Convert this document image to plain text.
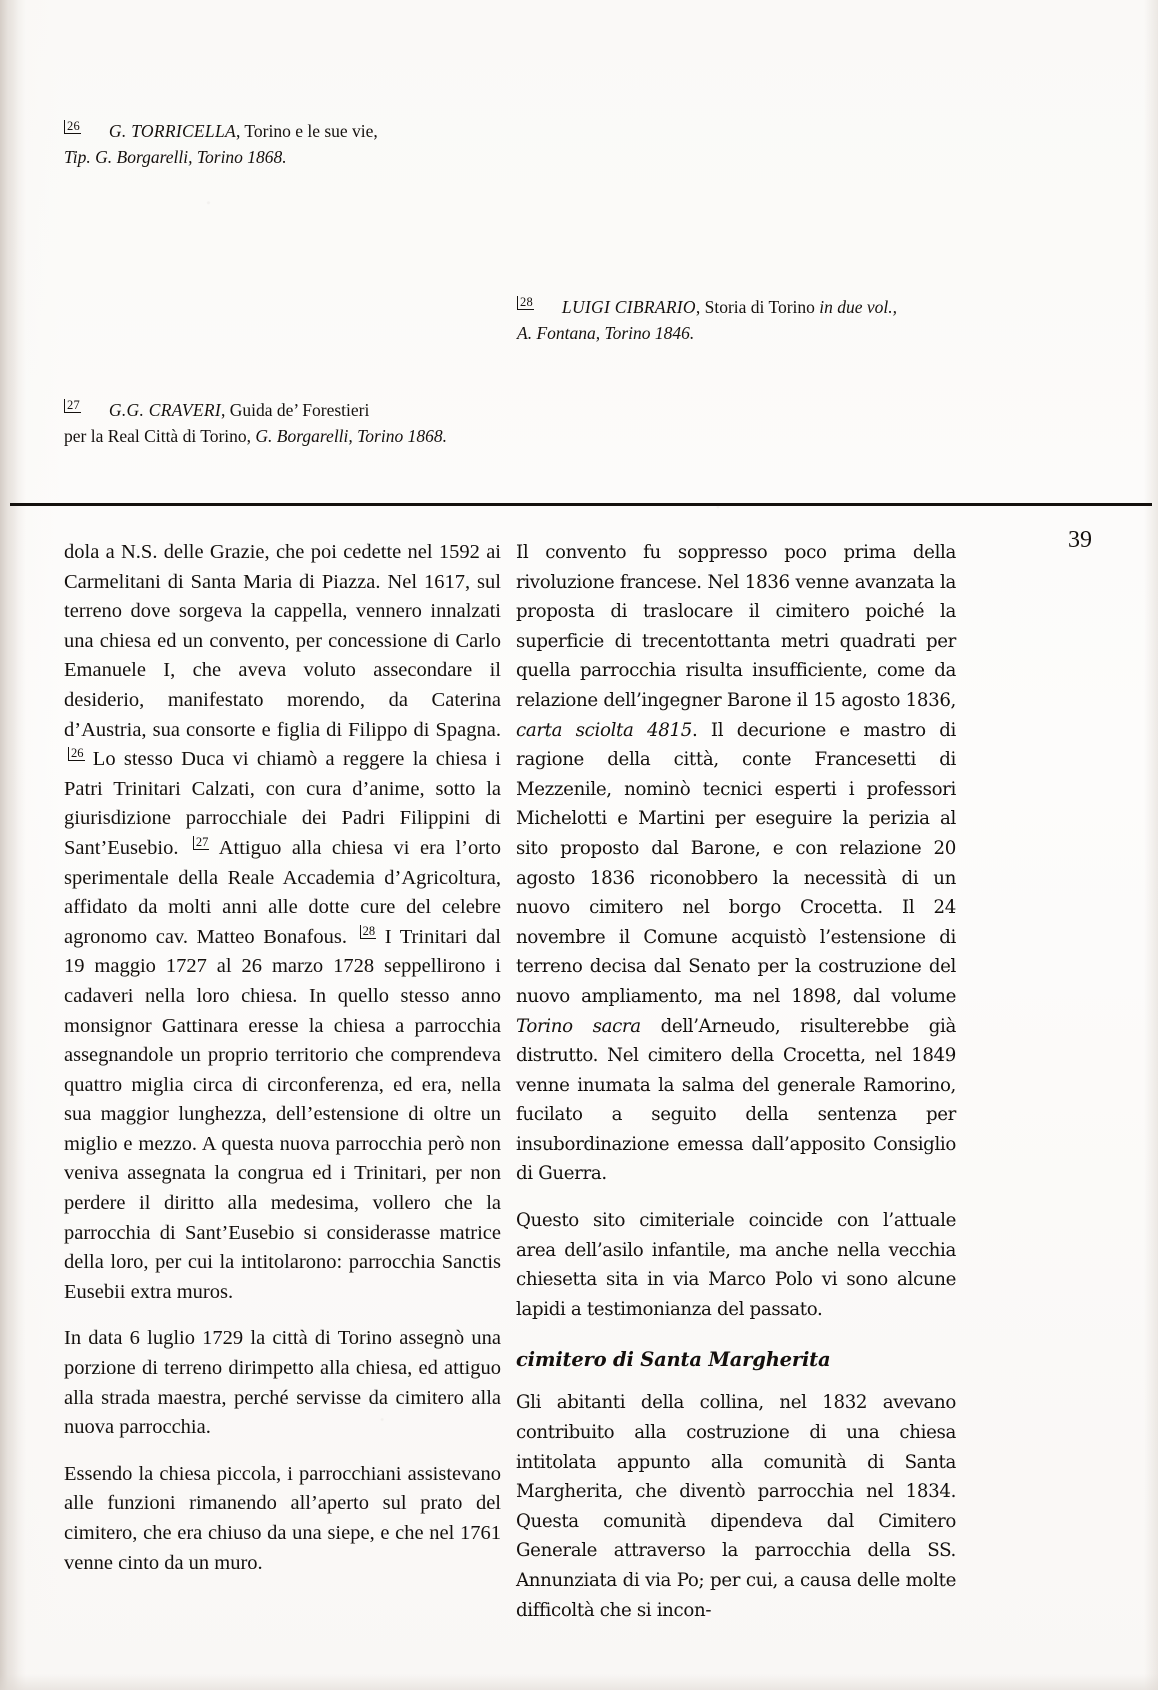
26 G. TORRICELLA, Torino e le sue vie,
Tip. G. Borgarelli, Torino 1868.
28 LUIGI CIBRARIO, Storia di Torino in due vol.,
A. Fontana, Torino 1846.
27 G.G. CRAVERI, Guida de’ Forestieri
per la Real Città di Torino, G. Borgarelli, Torino 1868.
39

dola a N.S. delle Grazie, che poi cedette nel 1592 ai Carmelitani di Santa Maria di Piazza. Nel 1617, sul terreno dove sorgeva la cappella, vennero innalzati una chiesa ed un convento, per concessione di Carlo Emanuele I, che aveva voluto assecondare il desiderio, manifestato morendo, da Caterina d’Austria, sua consorte e figlia di Filippo di Spagna. 26 Lo stesso Duca vi chiamò a reggere la chiesa i Patri Trinitari Calzati, con cura d’anime, sotto la giurisdizione parrocchiale dei Padri Filippini di Sant’Eusebio. 27 Attiguo alla chiesa vi era l’orto sperimentale della Reale Accademia d’Agricoltura, affidato da molti anni alle dotte cure del celebre agronomo cav. Matteo Bonafous. 28 I Trinitari dal 19 maggio 1727 al 26 marzo 1728 seppellirono i cadaveri nella loro chiesa. In quello stesso anno monsignor Gattinara eresse la chiesa a parrocchia assegnandole un proprio territorio che comprendeva quattro miglia circa di circonferenza, ed era, nella sua maggior lunghezza, dell’estensione di oltre un miglio e mezzo. A questa nuova parrocchia però non veniva assegnata la congrua ed i Trinitari, per non perdere il diritto alla medesima, vollero che la parrocchia di Sant’Eusebio si considerasse matrice della loro, per cui la intitolarono: parrocchia Sanctis Eusebii extra muros.

In data 6 luglio 1729 la città di Torino assegnò una porzione di terreno dirimpetto alla chiesa, ed attiguo alla strada maestra, perché servisse da cimitero alla nuova parrocchia.

Essendo la chiesa piccola, i parrocchiani assistevano alle funzioni rimanendo all’aperto sul prato del cimitero, che era chiuso da una siepe, e che nel 1761 venne cinto da un muro.

Il convento fu soppresso poco prima della rivoluzione francese. Nel 1836 venne avanzata la proposta di traslocare il cimitero poiché la superficie di trecentottanta metri quadrati per quella parrocchia risulta insufficiente, come da relazione dell’ingegner Barone il 15 agosto 1836, carta sciolta 4815. Il decurione e mastro di ragione della città, conte Francesetti di Mezzenile, nominò tecnici esperti i professori Michelotti e Martini per eseguire la perizia al sito proposto dal Barone, e con relazione 20 agosto 1836 riconobbero la necessità di un nuovo cimitero nel borgo Crocetta. Il 24 novembre il Comune acquistò l’estensione di terreno decisa dal Senato per la costruzione del nuovo ampliamento, ma nel 1898, dal volume Torino sacra dell’Arneudo, risulterebbe già distrutto. Nel cimitero della Crocetta, nel 1849 venne inumata la salma del generale Ramorino, fucilato a seguito della sentenza per insubordinazione emessa dall’apposito Consiglio di Guerra.

Questo sito cimiteriale coincide con l’attuale area dell’asilo infantile, ma anche nella vecchia chiesetta sita in via Marco Polo vi sono alcune lapidi a testimonianza del passato.

cimitero di Santa Margherita

Gli abitanti della collina, nel 1832 avevano contribuito alla costruzione di una chiesa intitolata appunto alla comunità di Santa Margherita, che diventò parrocchia nel 1834. Questa comunità dipendeva dal Cimitero Generale attraverso la parrocchia della SS. Annunziata di via Po; per cui, a causa delle molte difficoltà che si incon-
